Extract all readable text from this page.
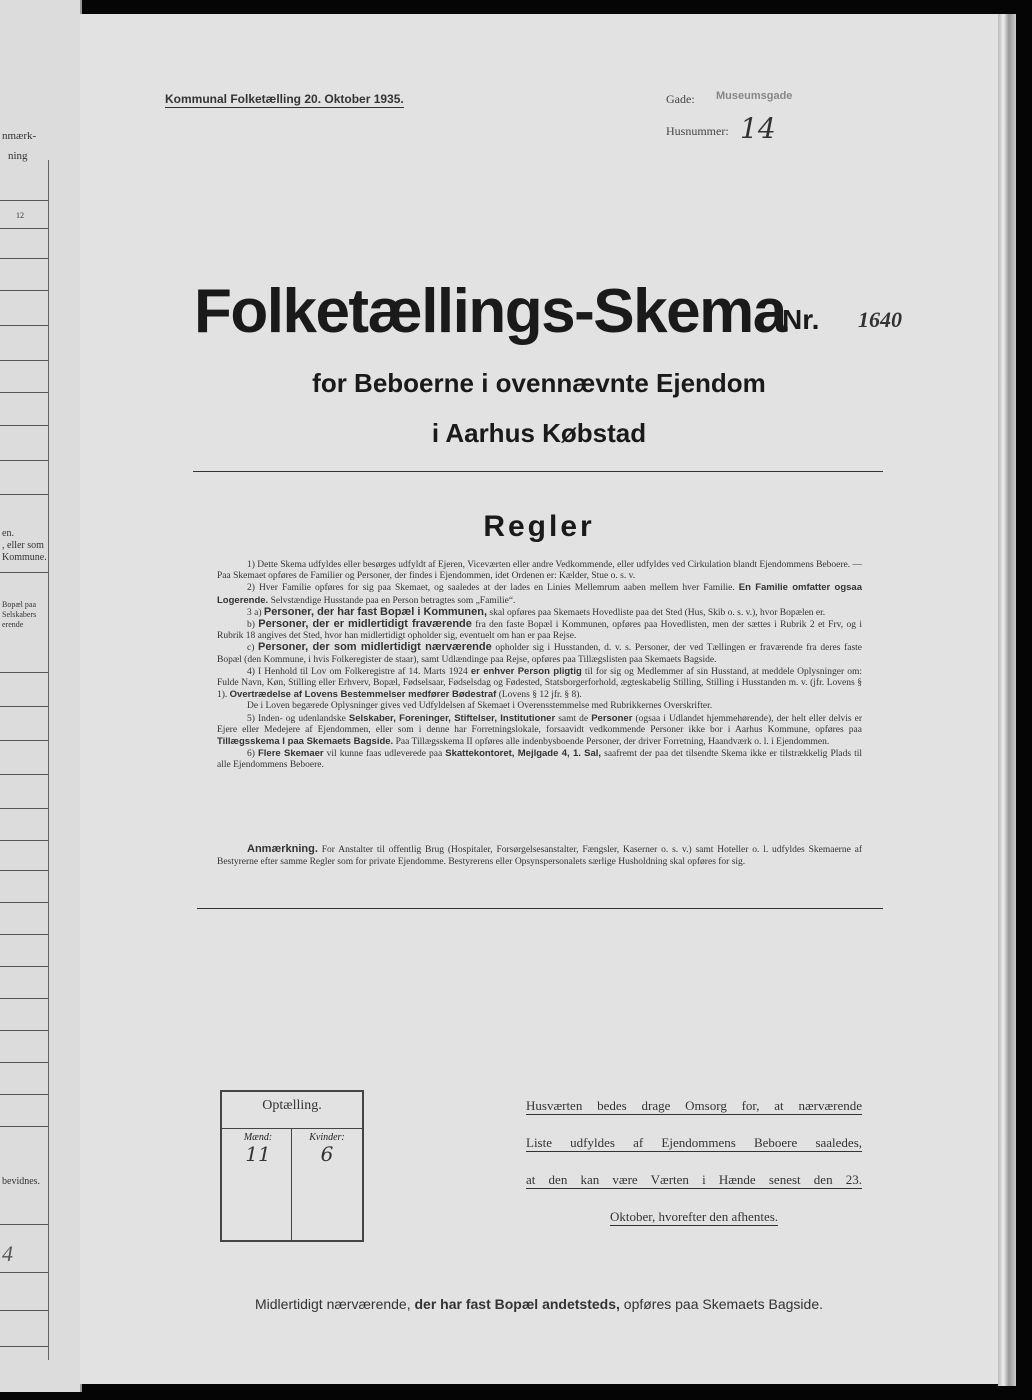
nmærk-
ning
12
en.
, eller som
Kommune.
Bopæl paa
Selskabers
erende
bevidnes.
4
Kommunal Folketælling 20. Oktober 1935.	Gade: Museumsgade
Husnummer: 14
Folketællings-Skema
Nr. 1640
for Beboerne i ovennævnte Ejendom
i Aarhus Købstad
Regler

1) Dette Skema udfyldes eller besørges udfyldt af Ejeren, Viceværten eller andre Vedkommende, eller udfyldes ved Cirkulation blandt Ejendommens Beboere. — Paa Skemaet opføres de Familier og Personer, der findes i Ejendommen, idet Ordenen er: Kælder, Stue o. s. v.

2) Hver Familie opføres for sig paa Skemaet, og saaledes at der lades en Linies Mellemrum aaben mellem hver Familie. En Familie omfatter ogsaa Logerende. Selvstændige Husstande paa en Person betragtes som „Familie“.

3 a) Personer, der har fast Bopæl i Kommunen, skal opføres paa Skemaets Hovedliste paa det Sted (Hus, Skib o. s. v.), hvor Bopælen er.

b) Personer, der er midlertidigt fraværende fra den faste Bopæl i Kommunen, opføres paa Hovedlisten, men der sættes i Rubrik 2 et Frv, og i Rubrik 18 angives det Sted, hvor han midlertidigt opholder sig, eventuelt om han er paa Rejse.

c) Personer, der som midlertidigt nærværende opholder sig i Husstanden, d. v. s. Personer, der ved Tællingen er fraværende fra deres faste Bopæl (den Kommune, i hvis Folkeregister de staar), samt Udlændinge paa Rejse, opføres paa Tillægslisten paa Skemaets Bagside.

4) I Henhold til Lov om Folkeregistre af 14. Marts 1924 er enhver Person pligtig til for sig og Medlemmer af sin Husstand, at meddele Oplysninger om: Fulde Navn, Køn, Stilling eller Erhverv, Bopæl, Fødselsaar, Fødselsdag og Fødested, Statsborgerforhold, ægteskabelig Stilling, Stilling i Husstanden m. v. (jfr. Lovens § 1). Overtrædelse af Lovens Bestemmelser medfører Bødestraf (Lovens § 12 jfr. § 8).

De i Loven begærede Oplysninger gives ved Udfyldelsen af Skemaet i Overensstemmelse med Rubrikkernes Overskrifter.

5) Inden- og udenlandske Selskaber, Foreninger, Stiftelser, Institutioner samt de Personer (ogsaa i Udlandet hjemmehørende), der helt eller delvis er Ejere eller Medejere af Ejendommen, eller som i denne har Forretningslokale, forsaavidt vedkommende Personer ikke bor i Aarhus Kommune, opføres paa Tillægsskema I paa Skemaets Bagside. Paa Tillægsskema II opføres alle indenbysboende Personer, der driver Forretning, Haandværk o. l. i Ejendommen.

6) Flere Skemaer vil kunne faas udleverede paa Skattekontoret, Mejlgade 4, 1. Sal, saafremt der paa det tilsendte Skema ikke er tilstrækkelig Plads til alle Ejendommens Beboere.

Anmærkning. For Anstalter til offentlig Brug (Hospitaler, Forsørgelsesanstalter, Fængsler, Kaserner o. s. v.) samt Hoteller o. l. udfyldes Skemaerne af Bestyrerne efter samme Regler som for private Ejendomme. Bestyrerens eller Opsynspersonalets særlige Husholdning skal opføres for sig.
Optælling.
Mænd:	Kvinder:
11	6
Husværten bedes drage Omsorg for, at nærværende
Liste udfyldes af Ejendommens Beboere saaledes,
at den kan være Værten i Hænde senest den 23.
Oktober, hvorefter den afhentes.
Midlertidigt nærværende, der har fast Bopæl andetsteds, opføres paa Skemaets Bagside.
